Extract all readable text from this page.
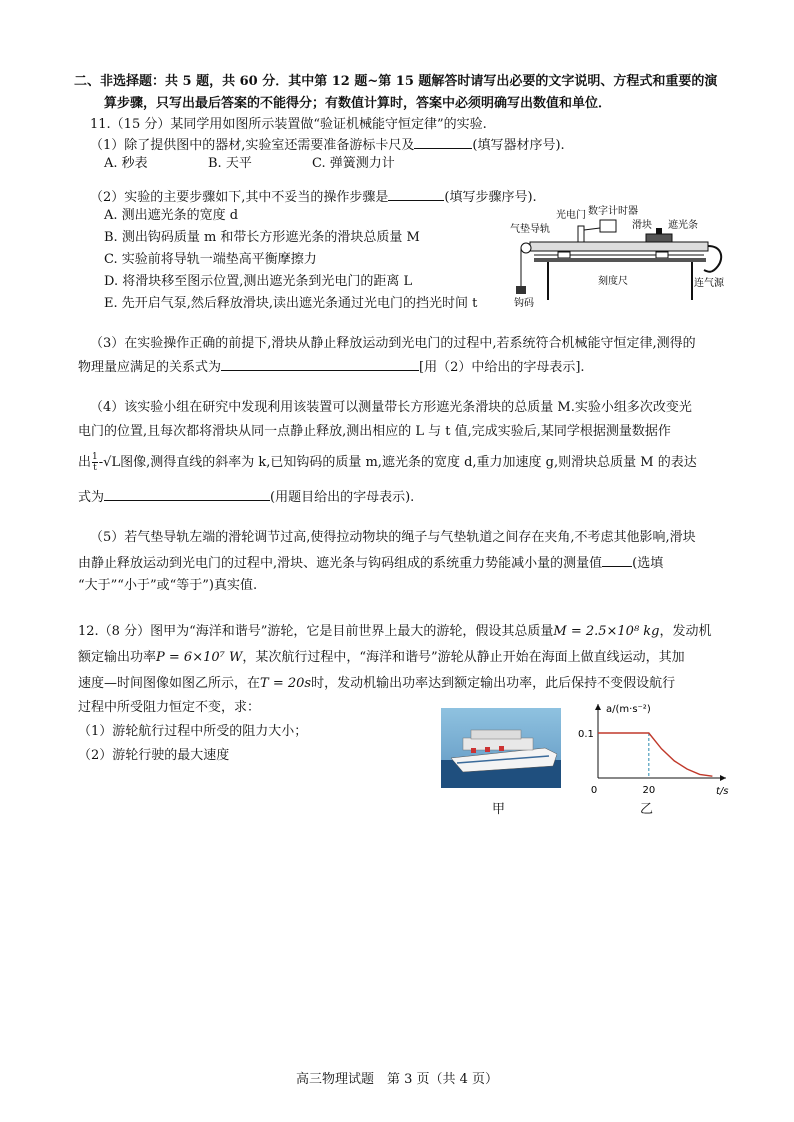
二、非选择题：共 5 题，共 60 分．其中第 12 题~第 15 题解答时请写出必要的文字说明、方程式和重要的演
算步骤，只写出最后答案的不能得分；有数值计算时，答案中必须明确写出数值和单位．
11.（15 分）某同学用如图所示装置做“验证机械能守恒定律”的实验.
（1）除了提供图中的器材,实验室还需要准备游标卡尺及	(填写器材序号).
A. 秒表	B. 天平	C. 弹簧测力计
（2）实验的主要步骤如下,其中不妥当的操作步骤是	(填写步骤序号).
A. 测出遮光条的宽度 d
B. 测出钩码质量 m 和带长方形遮光条的滑块总质量 M
C. 实验前将导轨一端垫高平衡摩擦力
D. 将滑块移至图示位置,测出遮光条到光电门的距离 L
E. 先开启气泵,然后释放滑块,读出遮光条通过光电门的挡光时间 t
数字计时器
光电门
气垫导轨	滑块 遮光条
刻度尺	连气源
钩码
（3）在实验操作正确的前提下,滑块从静止释放运动到光电门的过程中,若系统符合机械能守恒定律,测得的
物理量应满足的关系式为	[用（2）中给出的字母表示].
（4）该实验小组在研究中发现利用该装置可以测量带长方形遮光条滑块的总质量 M.实验小组多次改变光
电门的位置,且每次都将滑块从同一点静止释放,测出相应的 L 与 t 值,完成实验后,某同学根据测量数据作
出 $\frac{1}{t} -√L$图像,测得直线的斜率为 k,已知钩码的质量 m,遮光条的宽度 d,重力加速度 g,则滑块总质量 M 的表达
式为	(用题目给出的字母表示).
（5）若气垫导轨左端的滑轮调节过高,使得拉动物块的绳子与气垫轨道之间存在夹角,不考虑其他影响,滑块
由静止释放运动到光电门的过程中,滑块、遮光条与钩码组成的系统重力势能减小量的测量值 (选填
“大于”“小于”或“等于”)真实值.
12.（8 分）图甲为“海洋和谐号”游轮，它是目前世界上最大的游轮，假设其总质量M = 2.5×10⁸ kg，发动机
额定输出功率P = 6×10⁷ W，某次航行过程中，“海洋和谐号”游轮从静止开始在海面上做直线运动，其加
速度—时间图像如图乙所示，在T = 20s时，发动机输出功率达到额定输出功率，此后保持不变假设航行
过程中所受阻力恒定不变，求：
（1）游轮航行过程中所受的阻力大小；
（2）游轮行驶的最大速度
甲
a/(m·s⁻²)
t/s
0	20
0.1
乙
高三物理试题　第 3 页（共 4 页）
